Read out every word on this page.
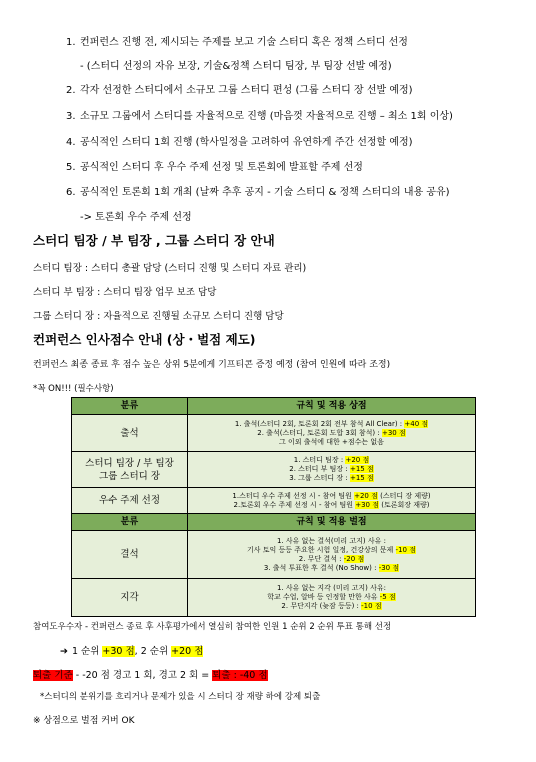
1. 컨퍼런스 진행 전, 제시되는 주제를 보고 기술 스터디 혹은 정책 스터디 선정
- (스터디 선정의 자유 보장, 기술&정책 스터디 팀장, 부 팀장 선발 예정)
2. 각자 선정한 스터디에서 소규모 그룹 스터디 편성 (그룹 스터디 장 선발 예정)
3. 소규모 그룹에서 스터디를 자율적으로 진행 (마음껏 자율적으로 진행 – 최소 1회 이상)
4. 공식적인 스터디 1회 진행 (학사일정을 고려하여 유연하게 주간 선정할 예정)
5. 공식적인 스터디 후 우수 주제 선정 및 토론회에 발표할 주제 선정
6. 공식적인 토론회 1회 개최 (날짜 추후 공지 - 기술 스터디 & 정책 스터디의 내용 공유)
-> 토론회 우수 주제 선정
스터디 팀장 / 부 팀장 , 그룹 스터디 장 안내
스터디 팀장 : 스터디 총괄 담당 (스터디 진행 및 스터디 자료 관리)
스터디 부 팀장 : 스터디 팀장 업무 보조 담당
그룹 스터디 장 : 자율적으로 진행될 소규모 스터디 진행 담당
컨퍼런스 인사점수 안내 (상・벌점 제도)
컨퍼런스 최종 종료 후 점수 높은 상위 5분에게 기프티콘 증정 예정 (참여 인원에 따라 조정)
*꼭 ON!!! (필수사항)
분류	규칙 및 적용 상점
출석	1. 출석(스터디 2회, 토론회 2회 전부 참석 All Clear) : +40 점
2. 출석(스터디, 토론회 도합 3회 참석) : +30 점
그 이외 출석에 대한 +점수는 없음

스터디 팀장 / 부 팀장
그룹 스터디 장	1. 스터디 팀장 : +20 점
2. 스터디 부 팀장 : +15 점
3. 그룹 스터디 장 : +15 점

우수 주제 선정	1.스터디 우수 주제 선정 시 - 참여 팀원 +20 점 (스터디 장 제량)
2.토론회 우수 주제 선정 시 - 참여 팀원 +30 점 (토론회장 재량)

분류	규칙 및 적용 벌점
결석	1. 사유 없는 결석(미리 고지) 사유 :
기사 토익 등등 주요한 시험 일정, 건강상의 문제 -10 점
2. 무단 결석 : -20 점
3. 출석 투표한 후 결석 (No Show) : -30 점

지각	1. 사유 없는 지각 (미리 고지) 사유:
학교 수업, 알바 등 인정할 만한 사유 -5 점
2. 무단지각 (늦잠 등등) : -10 점
참여도우수자 - 컨퍼런스 종료 후 사후평가에서 열심히 참여한 인원 1 순위 2 순위 투표 통해 선정
➔ 1 순위 +30 점, 2 순위 +20 점
퇴출 기준 - -20 점 경고 1 회, 경고 2 회 = 퇴출 : -40 점
*스터디의 분위기를 흐리거나 문제가 있을 시 스터디 장 재량 하에 강제 퇴출
※ 상점으로 벌점 커버 OK
